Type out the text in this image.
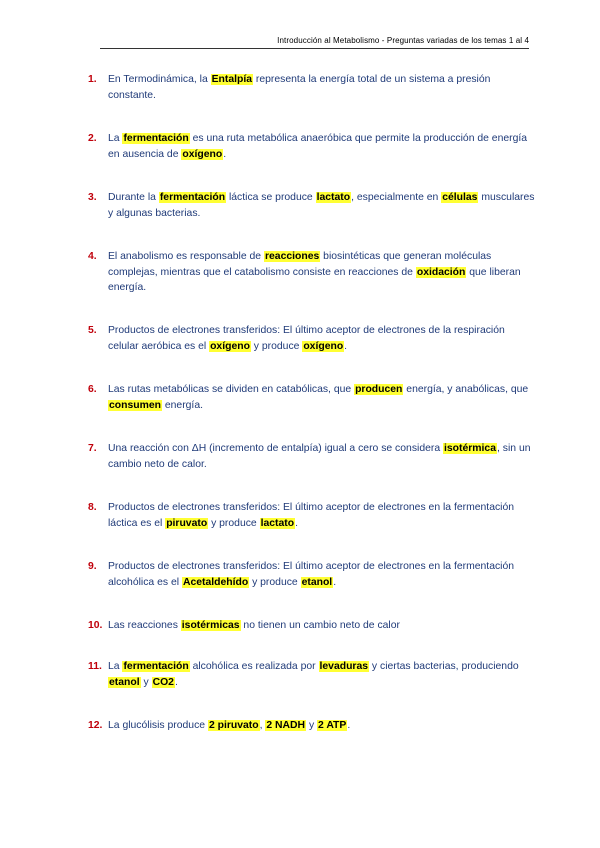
Introducción al Metabolismo - Preguntas variadas de los temas 1 al 4
1.	En Termodinámica, la Entalpía representa la energía total de un sistema a presión constante.
2.	La fermentación es una ruta metabólica anaeróbica que permite la producción de energía en ausencia de oxígeno.
3.	Durante la fermentación láctica se produce lactato, especialmente en células musculares y algunas bacterias.
4.	El anabolismo es responsable de reacciones biosintéticas que generan moléculas complejas, mientras que el catabolismo consiste en reacciones de oxidación que liberan energía.
5.	Productos de electrones transferidos: El último aceptor de electrones de la respiración celular aeróbica es el oxígeno y produce oxígeno.
6.	Las rutas metabólicas se dividen en catabólicas, que producen energía, y anabólicas, que consumen energía.
7.	Una reacción con ΔH (incremento de entalpía) igual a cero se considera isotérmica, sin un cambio neto de calor.
8.	Productos de electrones transferidos: El último aceptor de electrones en la fermentación láctica es el piruvato y produce lactato.
9.	Productos de electrones transferidos: El último aceptor de electrones en la fermentación alcohólica es el Acetaldehído y produce etanol.
10. Las reacciones isotérmicas no tienen un cambio neto de calor
11. La fermentación alcohólica es realizada por levaduras y ciertas bacterias, produciendo etanol y CO2.
12. La glucólisis produce 2 piruvato, 2 NADH y 2 ATP.
